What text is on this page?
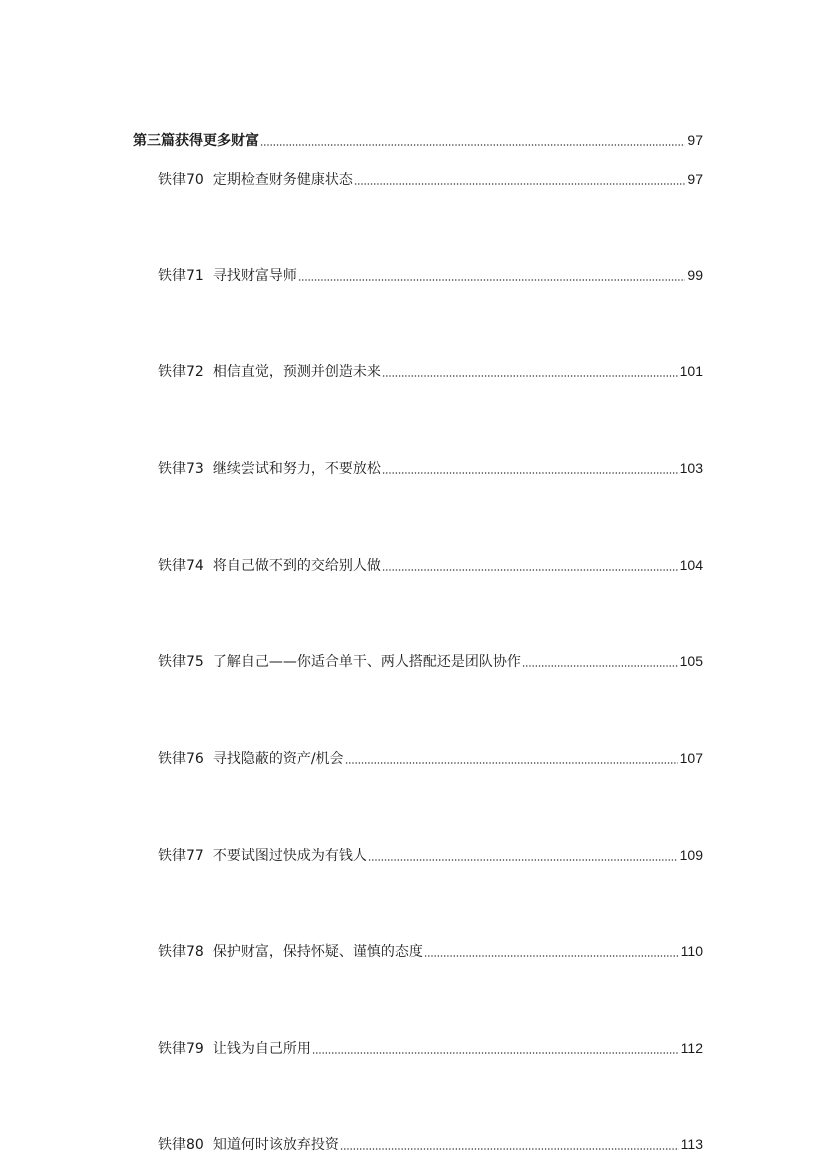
第三篇获得更多财富	97
铁律70 定期检查财务健康状态	97
铁律71 寻找财富导师	99
铁律72 相信直觉，预测并创造未来	101
铁律73 继续尝试和努力，不要放松	103
铁律74 将自己做不到的交给别人做	104
铁律75 了解自己——你适合单干、两人搭配还是团队协作	105
铁律76 寻找隐蔽的资产/机会	107
铁律77 不要试图过快成为有钱人	109
铁律78 保护财富，保持怀疑、谨慎的态度	110
铁律79 让钱为自己所用	112
铁律80 知道何时该放弃投资	113
